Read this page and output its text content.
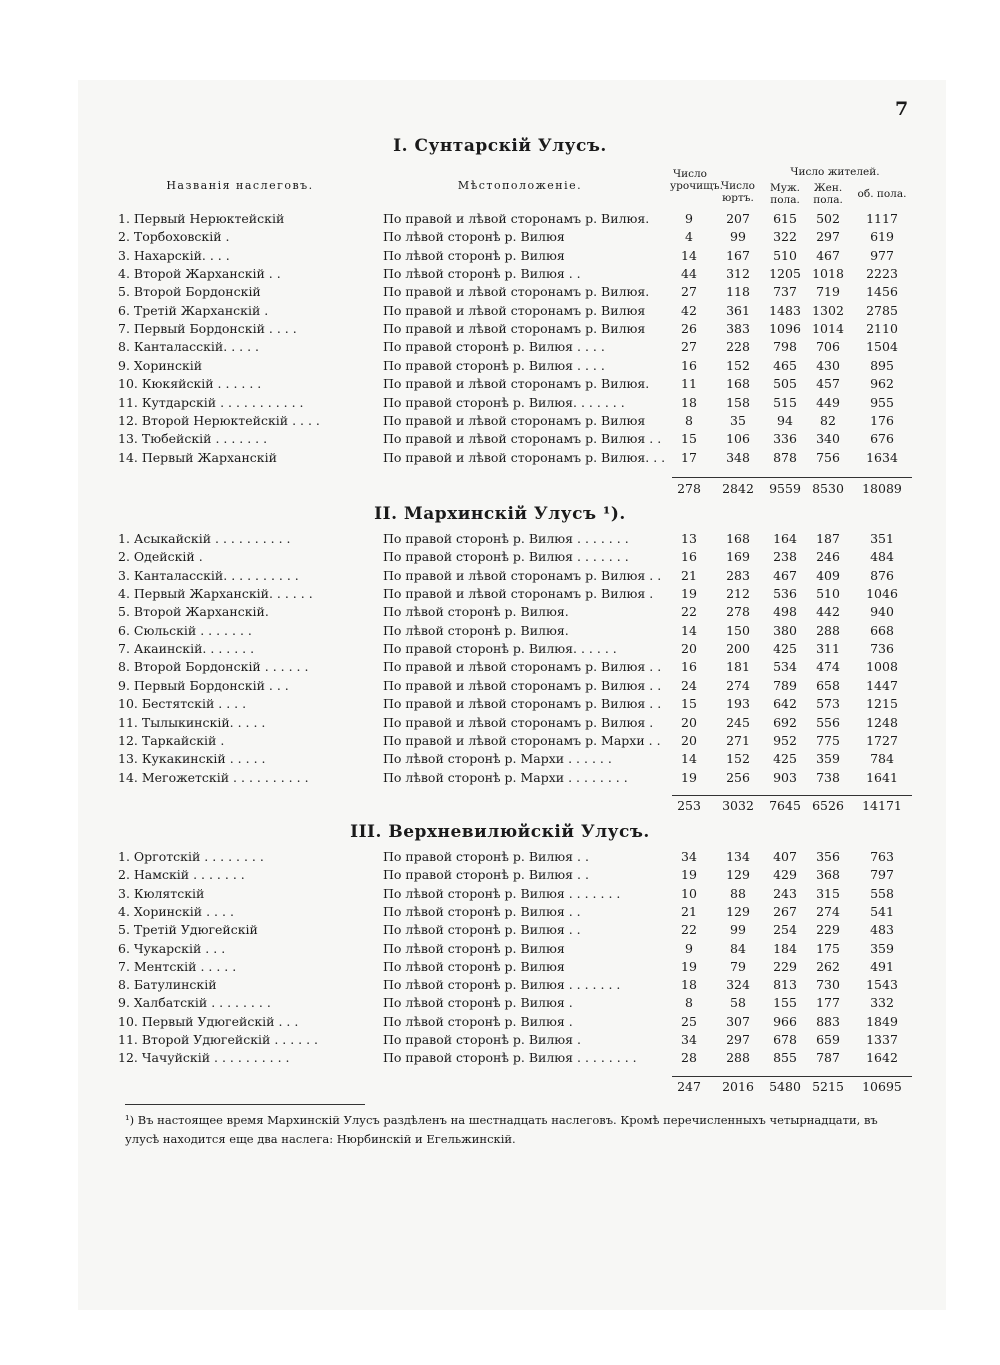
7
I. Сунтарскій Улусъ.
Названія наслеговъ.	Мѣстоположеніе.
Число урочищъ.
Число юртъ.
Число жителей.
Муж. пола.
Жен. пола.	об. пола.
1. Первый Нерюктейскій	По правой и лѣвой сторонамъ р. Вилюя.	9	207	615	502	1117
2. Торбоховскій .	По лѣвой сторонѣ р. Вилюя	4	99	322	297	619
3. Нахарскій. . . .	По лѣвой сторонѣ р. Вилюя	14	167	510	467	977
4. Второй Жарханскій . .	По лѣвой сторонѣ р. Вилюя . .	44	312	1205 1018	2223
5. Второй Бордонскій	По правой и лѣвой сторонамъ р. Вилюя.	27	118	737	719	1456
6. Третій Жарханскій .	По правой и лѣвой сторонамъ р. Вилюя	42	361	1483 1302	2785
7. Первый Бордонскій . . . .	По правой и лѣвой сторонамъ р. Вилюя	26	383	1096 1014	2110
8. Канталасскій. . . . .	По правой сторонѣ р. Вилюя . . . .	27	228	798	706	1504
9. Хоринскій	По правой сторонѣ р. Вилюя . . . .	16	152	465	430	895
10. Кюкяйскій . . . . . .	По правой и лѣвой сторонамъ р. Вилюя.	11	168	505	457	962
11. Кутдарскій . . . . . . . . . . .	По правой сторонѣ р. Вилюя. . . . . . .	18	158	515	449	955
12. Второй Нерюктейскій . . . .	По правой и лѣвой сторонамъ р. Вилюя	8	35	94	82	176
13. Тюбейскій . . . . . . .	По правой и лѣвой сторонамъ р. Вилюя . .	15	106	336	340	676
14. Первый Жарханскій	По правой и лѣвой сторонамъ р. Вилюя. . .	17	348	878	756	1634
278	2842	9559 8530	18089
II. Мархинскій Улусъ ¹).
1. Асыкайскій . . . . . . . . . .	По правой сторонѣ р. Вилюя . . . . . . .	13	168	164	187	351
2. Одейскій .	По правой сторонѣ р. Вилюя . . . . . . .	16	169	238	246	484
3. Канталасскій. . . . . . . . . .	По правой и лѣвой сторонамъ р. Вилюя . .	21	283	467	409	876
4. Первый Жарханскій. . . . . .	По правой и лѣвой сторонамъ р. Вилюя .	19	212	536	510	1046
5. Второй Жарханскій.	По лѣвой сторонѣ р. Вилюя.	22	278	498	442	940
6. Сюльскій . . . . . . .	По лѣвой сторонѣ р. Вилюя.	14	150	380	288	668
7. Акаинскій. . . . . . .	По правой сторонѣ р. Вилюя. . . . . .	20	200	425	311	736
8. Второй Бордонскій . . . . . .	По правой и лѣвой сторонамъ р. Вилюя . .	16	181	534	474	1008
9. Первый Бордонскій . . .	По правой и лѣвой сторонамъ р. Вилюя . .	24	274	789	658	1447
10. Бестятскій . . . .	По правой и лѣвой сторонамъ р. Вилюя . .	15	193	642	573	1215
11. Тылыкинскій. . . . .	По правой и лѣвой сторонамъ р. Вилюя .	20	245	692	556	1248
12. Таркайскій .	По правой и лѣвой сторонамъ р. Мархи . .	20	271	952	775	1727
13. Кукакинскій . . . . .	По лѣвой сторонѣ р. Мархи . . . . . .	14	152	425	359	784
14. Мегожетскій . . . . . . . . . .	По лѣвой сторонѣ р. Мархи . . . . . . . .	19	256	903	738	1641
253	3032	7645 6526	14171
III. Верхневилюйскій Улусъ.
1. Орготскій . . . . . . . .	По правой сторонѣ р. Вилюя . .	34	134	407	356	763
2. Намскій . . . . . . .	По правой сторонѣ р. Вилюя . .	19	129	429	368	797
3. Кюлятскій	По лѣвой сторонѣ р. Вилюя . . . . . . .	10	88	243	315	558
4. Хоринскій . . . .	По лѣвой сторонѣ р. Вилюя . .	21	129	267	274	541
5. Третій Удюгейскій	По лѣвой сторонѣ р. Вилюя . .	22	99	254	229	483
6. Чукарскій . . .	По лѣвой сторонѣ р. Вилюя	9	84	184	175	359
7. Ментскій . . . . .	По лѣвой сторонѣ р. Вилюя	19	79	229	262	491
8. Батулинскій	По лѣвой сторонѣ р. Вилюя . . . . . . .	18	324	813	730	1543
9. Халбатскій . . . . . . . .	По лѣвой сторонѣ р. Вилюя .	8	58	155	177	332
10. Первый Удюгейскій . . .	По лѣвой сторонѣ р. Вилюя .	25	307	966	883	1849
11. Второй Удюгейскій . . . . . .	По правой сторонѣ р. Вилюя .	34	297	678	659	1337
12. Чачуйскій . . . . . . . . . .	По правой сторонѣ р. Вилюя . . . . . . . .	28	288	855	787	1642
247	2016	5480 5215	10695
¹) Въ настоящее время Мархинскій Улусъ раздѣленъ на шестнадцать наслеговъ. Кромѣ перечисленныхъ четырнадцати, въ улусѣ находится еще два наслега: Нюрбинскій и Егельжинскій.
